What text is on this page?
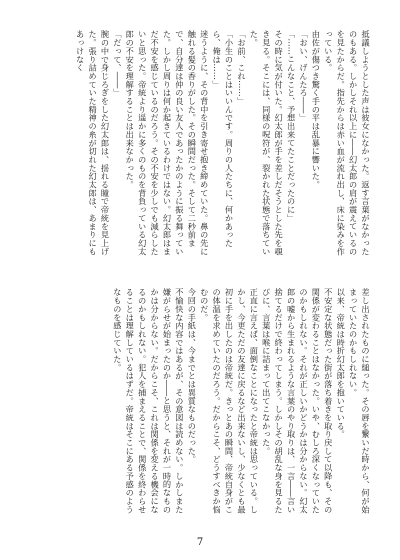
抵議しようとした声は彼女になかった。返す言葉がなかったのもある。しかしそれ以上に――幻太郎の肩が震えているのを見たからだ。指先からは赤い血が流れ出し、床に染みを作っている。

由佐が傷つき驚く手の平は乱暴に響いた。

「おい、げんたろ――」

「……こんなこと、予想出来てたことだったのに」

その時に気が付いた。幻太郎が手を差しだそうとした先を覗き見る。そこには、同様の呪符が、裂かれた状態で落ちていた。

「お前、これ……」

「小生のことはいいんです。周りの人たちに、何かあったら、俺は……」

迷うように、その背中を引き寄せ抱き締めていた。鼻の先に触れる髪の香りがした。その瞬間だった。そして二秒前まで、自分達は仲の良い友人であったかのように振る舞っていた。しかし周りは何か起きているわけではない。幻太郎はまだ不安を感じているのだろう。その不安を少しでも減らしたいと思った。帝統より遥かに多くのものを背負っている幻太郎の不安を理解することは出来なかった。

「だって、――」

腕の中で身じろぎをした幻太郎は、揺れる瞳で帝統を見上げた。張り詰めていた精神の糸が切れた幻太郎は、あまりにもあっけなく

差し出されたものに縋った。その唇を繋いだ時から、何が始まっていたのかもしれない。

以来、帝統は時折幻太郎を抱いている。

不安定な状態だった街が落ち着きを取り戻して以降も、その関係が変わることはなかった。いや、むしろ深くなっていたのかもしれない。それが正しいかどうかは分からない。幻太郎の嘘から生まれるような言葉のやり取りは、一言――言い捨てるだけで終わってしまう。しかしその胡乱な身を見るたびに、言葉は喉に詰まって出てこなかった。

正直に言えば、面倒なことになったと帝統は思っている。しかし、今更ただの友達に戻るなど出来ないし、少なくとも最初に手を出したのは帝統だ。きっとあの瞬間、帝統自身がこの体温を求めていたのだろう。だからこそ、どうすべきか悩むのだ。

今回の手紙は、今までとは異質なものだった。

不愉快な内容ではあるが、その意図は読めない。しかしまた嫌がらせが始まったのか――と思うと、それが一時的なものかは分からない。だからこそ、これは関係を変える機会になるのかもしれない。犯人を捕まえることで、関係を終わらせることは理解しているはずだ。帝統はそこにある予感のようなものを感じていた。

7
